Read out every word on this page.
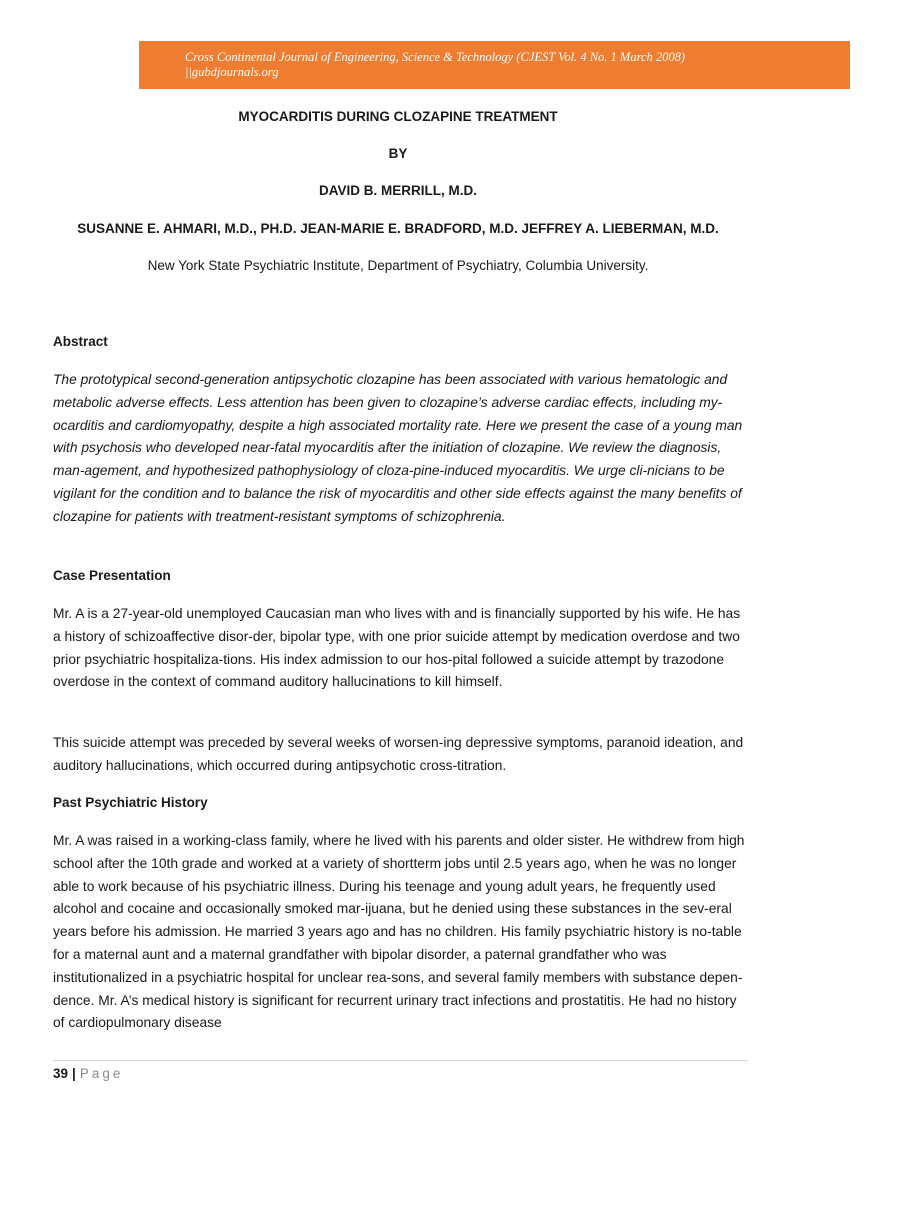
Cross Continental Journal of Engineering, Science & Technology (CJEST Vol. 4 No. 1 March 2008)
||gubdjournals.org
MYOCARDITIS DURING CLOZAPINE TREATMENT
BY
DAVID B. MERRILL, M.D.
SUSANNE E. AHMARI, M.D., PH.D. JEAN-MARIE E. BRADFORD, M.D. JEFFREY A. LIEBERMAN, M.D.
New York State Psychiatric Institute, Department of Psychiatry, Columbia University.
Abstract
The prototypical second-generation antipsychotic clozapine has been associated with various hematologic and metabolic adverse effects. Less attention has been given to clozapine’s adverse cardiac effects, including my-ocarditis and cardiomyopathy, despite a high associated mortality rate. Here we present the case of a young man with psychosis who developed near-fatal myocarditis after the initiation of clozapine. We review the diagnosis, man-agement, and hypothesized pathophysiology of cloza-pine-induced myocarditis. We urge cli-nicians to be vigilant for the condition and to balance the risk of myocarditis and other side effects against the many benefits of clozapine for patients with treatment-resistant symptoms of schizophrenia.
Case Presentation
Mr. A is a 27-year-old unemployed Caucasian man who lives with and is financially supported by his wife. He has a history of schizoaffective disor-der, bipolar type, with one prior suicide attempt by medication overdose and two prior psychiatric hospitaliza-tions. His index admission to our hos-pital followed a suicide attempt by trazodone overdose in the context of command auditory hallucinations to kill himself.
This suicide attempt was preceded by several weeks of worsen-ing depressive symptoms, paranoid ideation, and auditory hallucinations, which occurred during antipsychotic cross-titration.
Past Psychiatric History
Mr. A was raised in a working-class family, where he lived with his parents and older sister. He withdrew from high school after the 10th grade and worked at a variety of shortterm jobs until 2.5 years ago, when he was no longer able to work because of his psychiatric illness. During his teenage and young adult years, he frequently used alcohol and cocaine and occasionally smoked mar-ijuana, but he denied using these substances in the sev-eral years before his admission. He married 3 years ago and has no children. His family psychiatric history is no-table for a maternal aunt and a maternal grandfather with bipolar disorder, a paternal grandfather who was institutionalized in a psychiatric hospital for unclear rea-sons, and several family members with substance depen-dence. Mr. A’s medical history is significant for recurrent urinary tract infections and prostatitis. He had no history of cardiopulmonary disease
39 | Page
